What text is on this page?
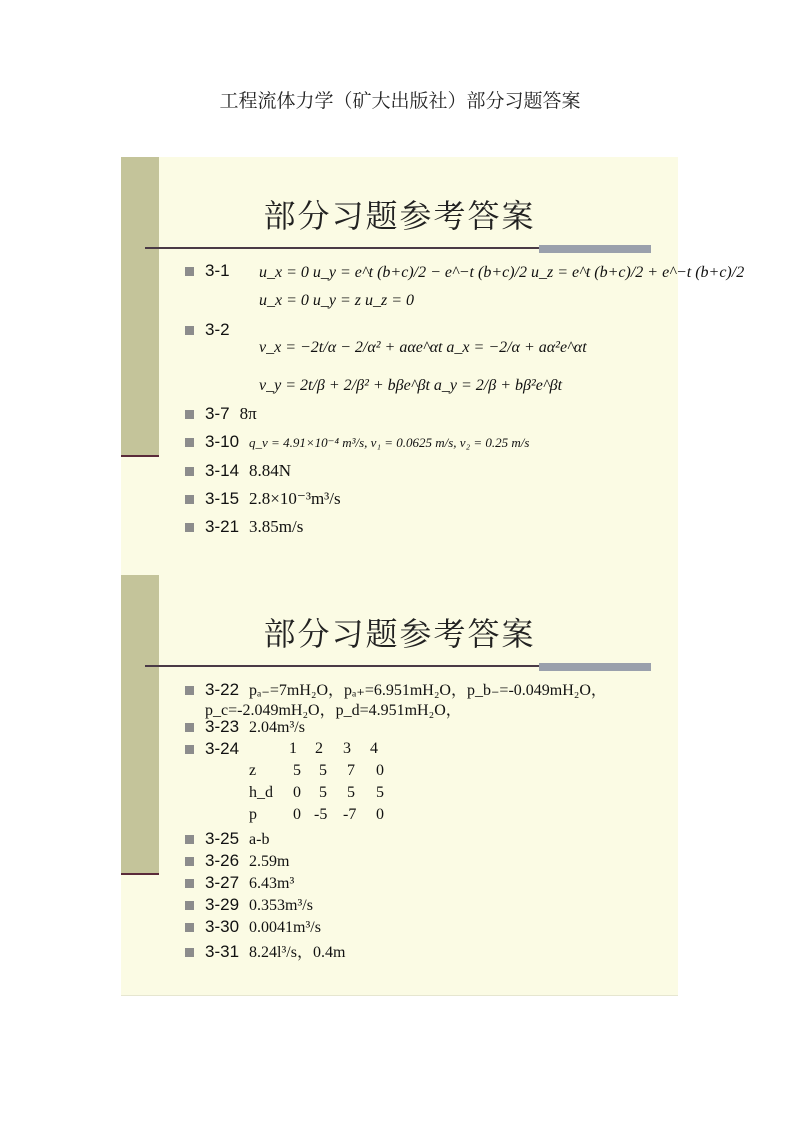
工程流体力学（矿大出版社）部分习题答案
部分习题参考答案
3-1 u_x = 0 u_y = e^t (b+c)/2 − e^−t (b+c)/2 u_z = e^t (b+c)/2 + e^−t (b+c)/2
u_x = 0 u_y = z u_z = 0
3-2
v_x = −2t/α − 2/α² + aαe^αt a_x = −2/α + aα²e^αt
v_y = 2t/β + 2/β² + bβe^βt a_y = 2/β + bβ²e^βt
3-7 8π
3-10 q_v = 4.91×10⁻⁴ m³/s, v₁ = 0.0625 m/s, v₂ = 0.25 m/s
3-14 8.84N
3-15 2.8×10⁻³m³/s
3-21 3.85m/s
部分习题参考答案
3-22 pₐ₋=7mH₂O，pₐ₊=6.951mH₂O，p_b₋=-0.049mH₂O，
p_c=-2.049mH₂O，p_d=4.951mH₂O，
3-23 2.04m³/s
3-24	1 2 3 4
z 5 5 7 0
h_d 0 5 5 5
p 0 -5 -7 0
3-25 a-b
3-26 2.59m
3-27 6.43m³
3-29 0.353m³/s
3-30 0.0041m³/s
3-31 8.24l³/s，0.4m
